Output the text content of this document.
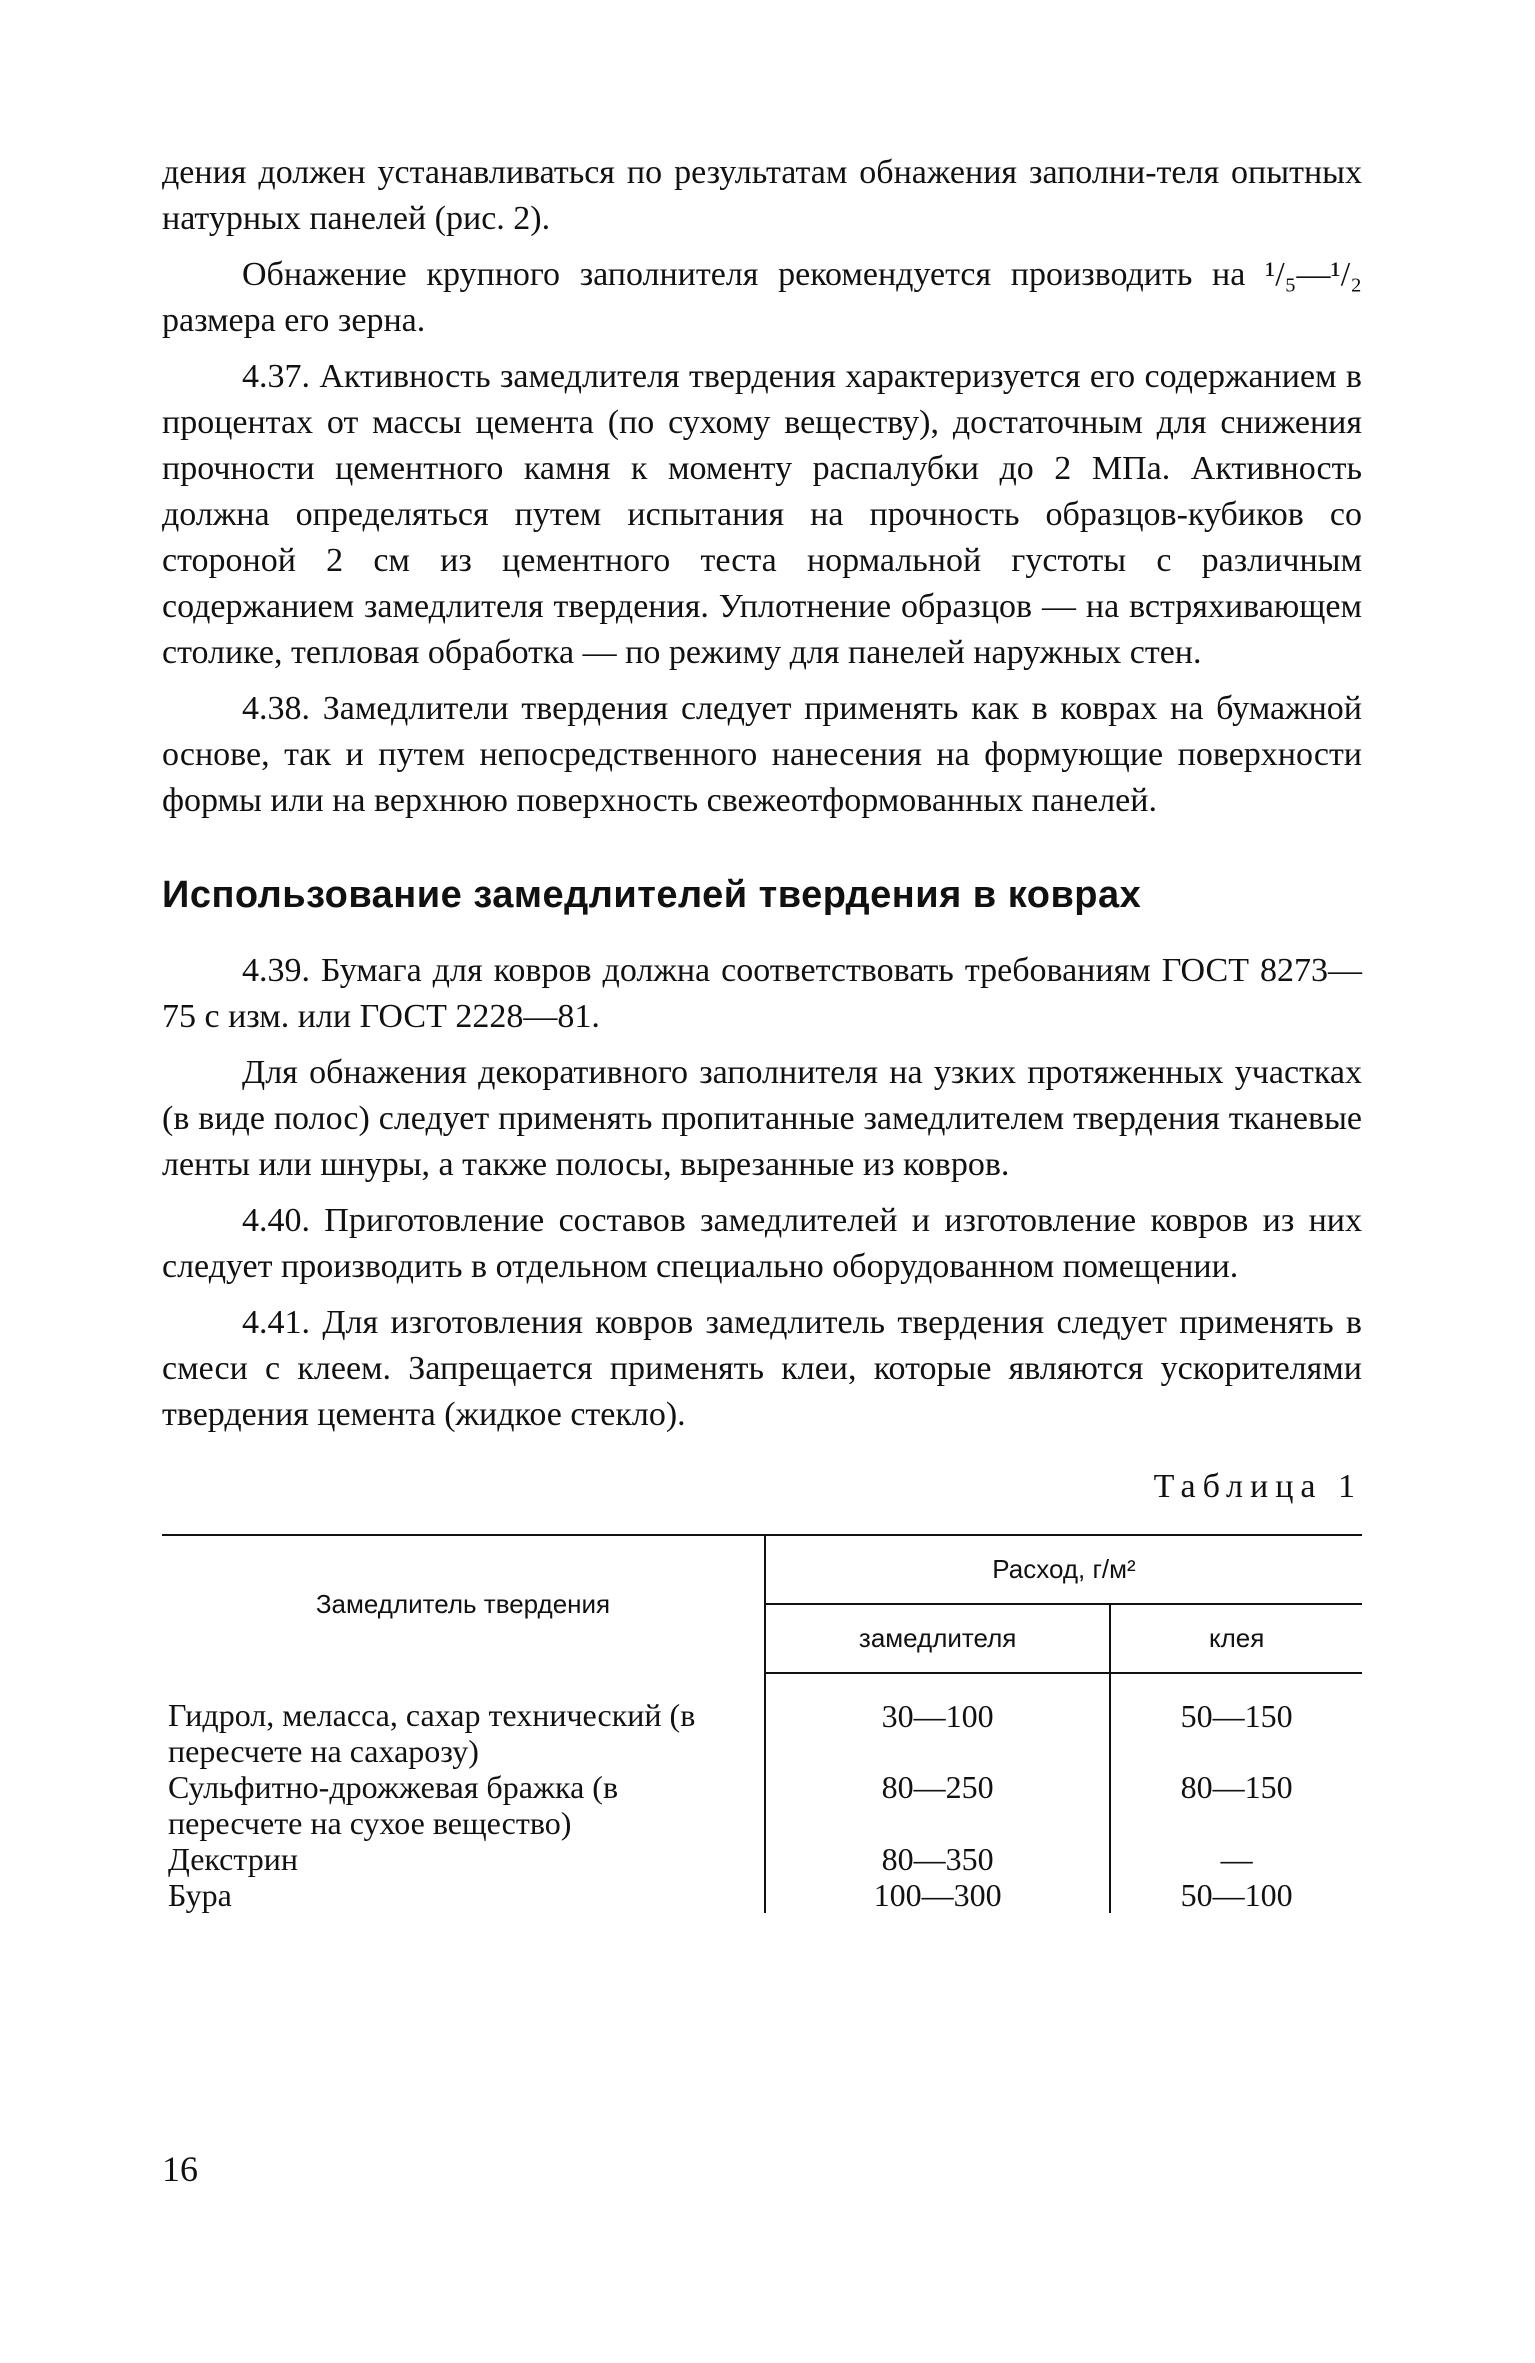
дения должен устанавливаться по результатам обнажения заполни-теля опытных натурных панелей (рис. 2).

Обнажение крупного заполнителя рекомендуется производить на ¹/₅—¹/₂ размера его зерна.

4.37. Активность замедлителя твердения характеризуется его содержанием в процентах от массы цемента (по сухому веществу), достаточным для снижения прочности цементного камня к моменту распалубки до 2 МПа. Активность должна определяться путем испытания на прочность образцов-кубиков со стороной 2 см из цементного теста нормальной густоты с различным содержанием замедлителя твердения. Уплотнение образцов — на встряхивающем столике, тепловая обработка — по режиму для панелей наружных стен.

4.38. Замедлители твердения следует применять как в коврах на бумажной основе, так и путем непосредственного нанесения на формующие поверхности формы или на верхнюю поверхность свежеотформованных панелей.

Использование замедлителей твердения в коврах

4.39. Бумага для ковров должна соответствовать требованиям ГОСТ 8273—75 с изм. или ГОСТ 2228—81.

Для обнажения декоративного заполнителя на узких протяженных участках (в виде полос) следует применять пропитанные замедлителем твердения тканевые ленты или шнуры, а также полосы, вырезанные из ковров.

4.40. Приготовление составов замедлителей и изготовление ковров из них следует производить в отдельном специально оборудованном помещении.

4.41. Для изготовления ковров замедлитель твердения следует применять в смеси с клеем. Запрещается применять клеи, которые являются ускорителями твердения цемента (жидкое стекло).

Таблица 1
Замедлитель твердения	Расход, г/м²	
	замедлителя	клея
Гидрол, меласса, сахар технический (в пересчете на сахарозу)	30—100	50—150
Сульфитно-дрожжевая бражка (в пересчете на сухое вещество)	80—250	80—150
Декстрин	80—350	—
Бура	100—300	50—100
16
